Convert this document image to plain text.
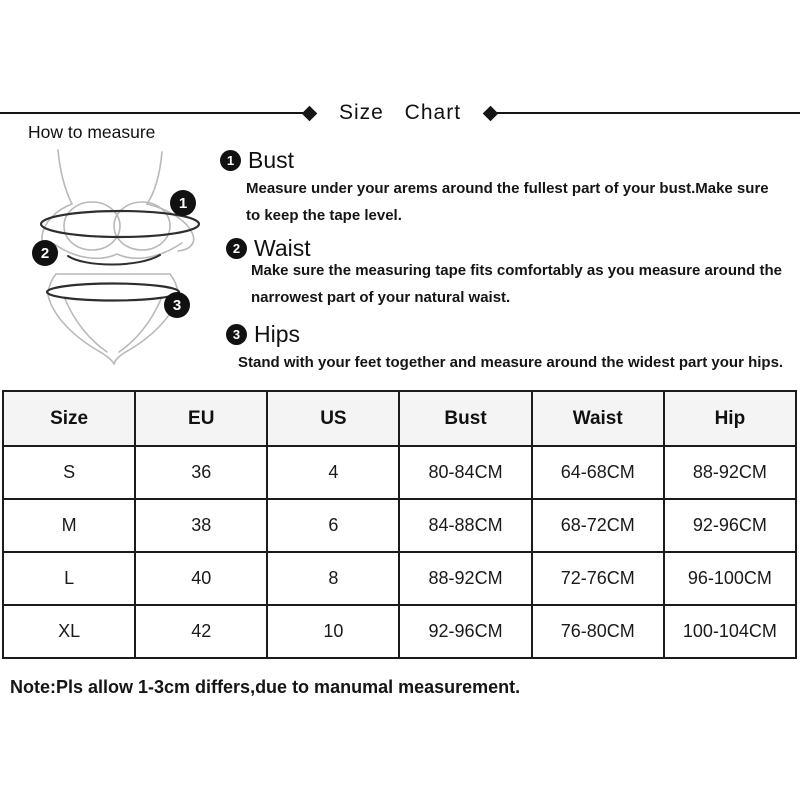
Size Chart
How to measure
1
2
3
1 Bust
Measure under your arems around the fullest part of your bust.Make sure
to keep the tape level.
2 Waist
Make sure the measuring tape fits comfortably as you measure around the
narrowest part of your natural waist.
3 Hips
Stand with your feet together and measure around the widest part your hips.
Size	EU	US	Bust	Waist	Hip
S	36	4	80-84CM	64-68CM	88-92CM
M	38	6	84-88CM	68-72CM	92-96CM
L	40	8	88-92CM	72-76CM	96-100CM
XL	42	10	92-96CM	76-80CM	100-104CM
Note:Pls allow 1-3cm differs,due to manumal measurement.
